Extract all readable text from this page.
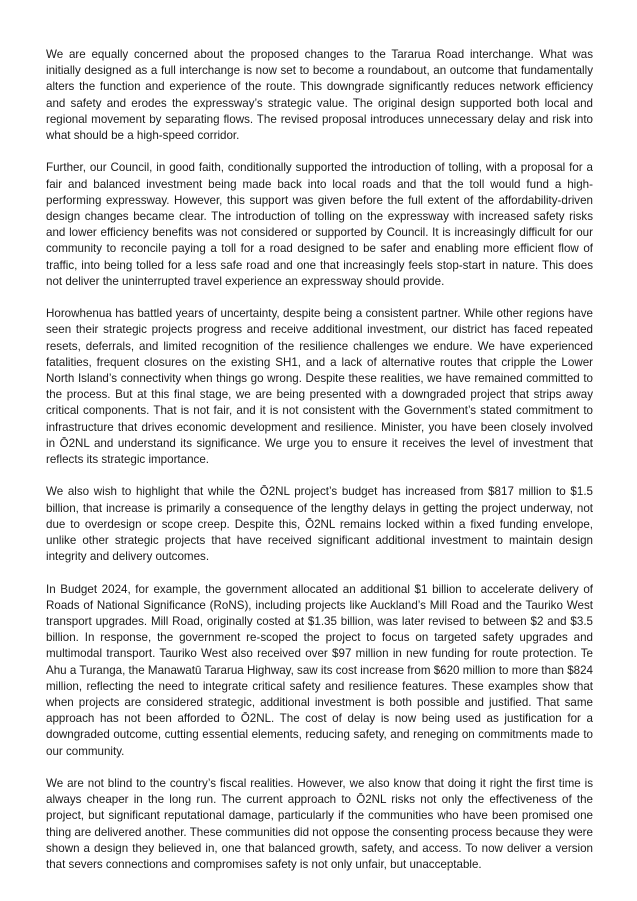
We are equally concerned about the proposed changes to the Tararua Road interchange. What was initially designed as a full interchange is now set to become a roundabout, an outcome that fundamentally alters the function and experience of the route. This downgrade significantly reduces network efficiency and safety and erodes the expressway’s strategic value. The original design supported both local and regional movement by separating flows. The revised proposal introduces unnecessary delay and risk into what should be a high-speed corridor.

Further, our Council, in good faith, conditionally supported the introduction of tolling, with a proposal for a fair and balanced investment being made back into local roads and that the toll would fund a high-performing expressway. However, this support was given before the full extent of the affordability-driven design changes became clear. The introduction of tolling on the expressway with increased safety risks and lower efficiency benefits was not considered or supported by Council. It is increasingly difficult for our community to reconcile paying a toll for a road designed to be safer and enabling more efficient flow of traffic, into being tolled for a less safe road and one that increasingly feels stop-start in nature. This does not deliver the uninterrupted travel experience an expressway should provide.

Horowhenua has battled years of uncertainty, despite being a consistent partner. While other regions have seen their strategic projects progress and receive additional investment, our district has faced repeated resets, deferrals, and limited recognition of the resilience challenges we endure. We have experienced fatalities, frequent closures on the existing SH1, and a lack of alternative routes that cripple the Lower North Island’s connectivity when things go wrong. Despite these realities, we have remained committed to the process. But at this final stage, we are being presented with a downgraded project that strips away critical components. That is not fair, and it is not consistent with the Government’s stated commitment to infrastructure that drives economic development and resilience. Minister, you have been closely involved in Ō2NL and understand its significance. We urge you to ensure it receives the level of investment that reflects its strategic importance.

We also wish to highlight that while the Ō2NL project’s budget has increased from $817 million to $1.5 billion, that increase is primarily a consequence of the lengthy delays in getting the project underway, not due to overdesign or scope creep. Despite this, Ō2NL remains locked within a fixed funding envelope, unlike other strategic projects that have received significant additional investment to maintain design integrity and delivery outcomes.

In Budget 2024, for example, the government allocated an additional $1 billion to accelerate delivery of Roads of National Significance (RoNS), including projects like Auckland’s Mill Road and the Tauriko West transport upgrades. Mill Road, originally costed at $1.35 billion, was later revised to between $2 and $3.5 billion. In response, the government re-scoped the project to focus on targeted safety upgrades and multimodal transport. Tauriko West also received over $97 million in new funding for route protection. Te Ahu a Turanga, the Manawatū Tararua Highway, saw its cost increase from $620 million to more than $824 million, reflecting the need to integrate critical safety and resilience features. These examples show that when projects are considered strategic, additional investment is both possible and justified. That same approach has not been afforded to Ō2NL. The cost of delay is now being used as justification for a downgraded outcome, cutting essential elements, reducing safety, and reneging on commitments made to our community.

We are not blind to the country’s fiscal realities. However, we also know that doing it right the first time is always cheaper in the long run. The current approach to Ō2NL risks not only the effectiveness of the project, but significant reputational damage, particularly if the communities who have been promised one thing are delivered another. These communities did not oppose the consenting process because they were shown a design they believed in, one that balanced growth, safety, and access. To now deliver a version that severs connections and compromises safety is not only unfair, but unacceptable.
